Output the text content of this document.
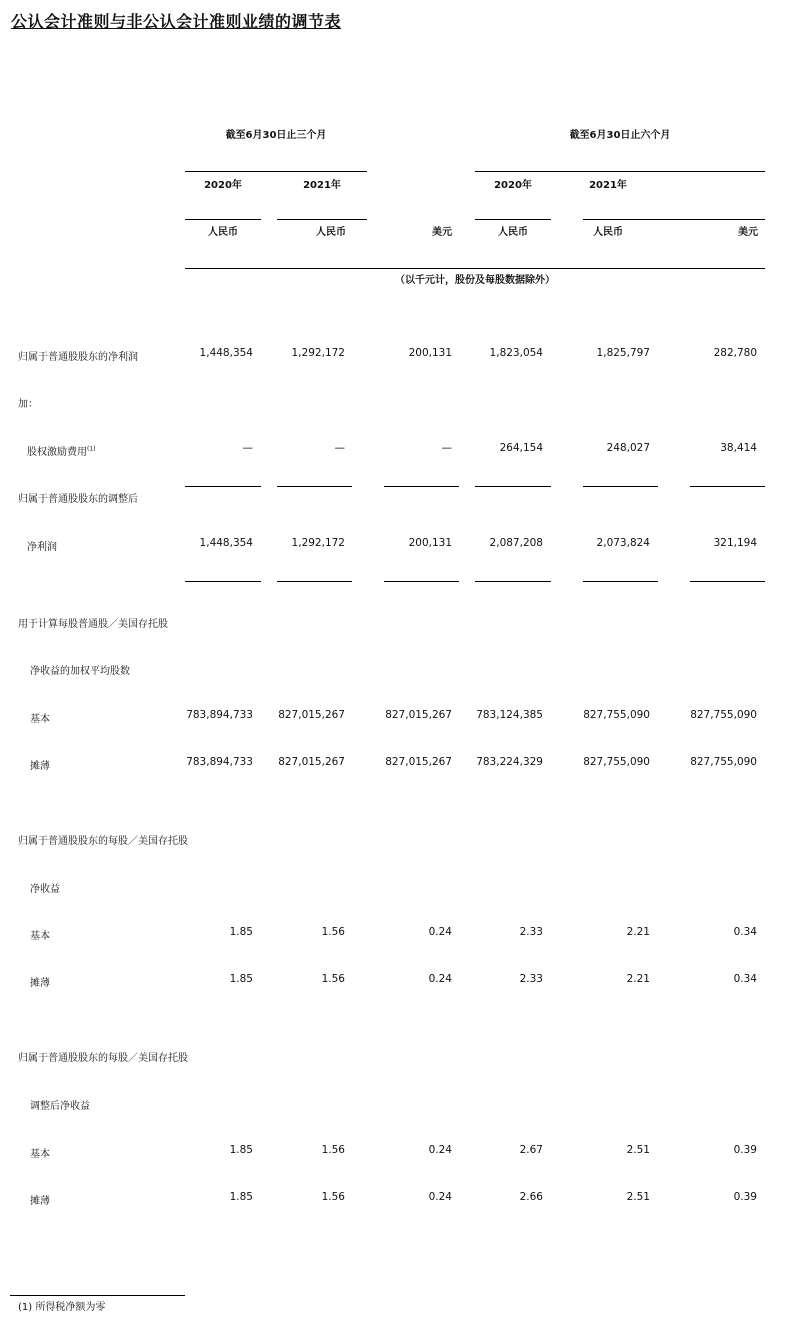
公认会计准则与非公认会计准则业绩的调节表
截至6月30日止三个月	截至6月30日止六个月
2020年	2021年	2020年	2021年
人民币	人民币	美元	人民币	人民币	美元
（以千元计，股份及每股数据除外）
归属于普通股股东的净利润	1,448,354	1,292,172	200,131	1,823,054	1,825,797	282,780
加：
股权激励费用$^{(1)}$	—	—	—	264,154	248,027	38,414
归属于普通股股东的调整后
净利润	1,448,354	1,292,172	200,131	2,087,208	2,073,824	321,194
用于计算每股普通股／美国存托股
净收益的加权平均股数
基本	783,894,733	827,015,267	827,015,267	783,124,385	827,755,090	827,755,090
摊薄	783,894,733	827,015,267	827,015,267	783,224,329	827,755,090	827,755,090
归属于普通股股东的每股／美国存托股
净收益
基本	1.85	1.56	0.24	2.33	2.21	0.34
摊薄	1.85	1.56	0.24	2.33	2.21	0.34
归属于普通股股东的每股／美国存托股
调整后净收益
基本	1.85	1.56	0.24	2.67	2.51	0.39
摊薄	1.85	1.56	0.24	2.66	2.51	0.39
(1) 所得税净额为零
